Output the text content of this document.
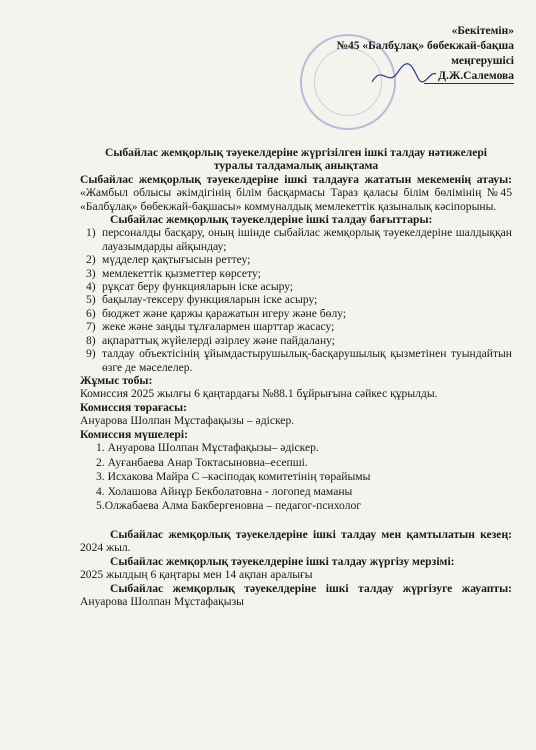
«Бекітемін»
№45 «Балбұлақ» бөбекжай-бақша
меңгерушісі
Д.Ж.Салемова
Сыбайлас жемқорлық тәуекелдеріне жүргізілген ішкі талдау нәтижелері
туралы талдамалық анықтама

Сыбайлас жемқорлық тәуекелдеріне ішкі талдауға жататын мекеменің атауы: «Жамбыл облысы әкімдігінің білім басқармасы Тараз қаласы білім бөлімінің №45 «Балбұлақ» бөбекжай-бақшасы» коммуналдық мемлекеттік қазыналық кәсіпорыны.

Сыбайлас жемқорлық тәуекелдеріне ішкі талдау бағыттары:

1) персоналды басқару, оның ішінде сыбайлас жемқорлық тәуекелдеріне шалдыққан лауазымдарды айқындау;
2) мүдделер қақтығысын реттеу;
3) мемлекеттік қызметтер көрсету;
4) рұқсат беру функцияларын іске асыру;
5) бақылау-тексеру функцияларын іске асыру;
6) бюджет және қаржы қаражатын игеру және бөлу;
7) жеке және заңды тұлғалармен шарттар жасасу;
8) ақпараттық жүйелерді әзірлеу және пайдалану;
9) талдау объектісінің ұйымдастырушылық-басқарушылық қызметінен туындайтын өзге де мәселелер.

Жұмыс тобы:

Комиссия 2025 жылғы 6 қаңтардағы №88.1 бұйрығына сәйкес құрылды.

Комиссия төрағасы:

Ануарова Шолпан Мұстафақызы – әдіскер.

Комиссия мүшелері:

1. Ануарова Шолпан Мұстафақызы– әдіскер.
2. Ауғанбаева Анар Токтасыновна–есепші.
3. Исхакова Майра С –кәсіподақ комитетінің төрайымы
4. Холашова Айнұр Бекболатовна - логопед маманы
5.Олжабаева Алма Бакбергеновна – педагог-психолог

Сыбайлас жемқорлық тәуекелдеріне ішкі талдау мен қамтылатын кезең: 2024 жыл.

Сыбайлас жемқорлық тәуекелдеріне ішкі талдау жүргізу мерзімі:

2025 жылдың 6 қаңтары мен 14 ақпан аралығы

Сыбайлас жемқорлық тәуекелдеріне ішкі талдау жүргізуге жауапты: Ануарова Шолпан Мұстафақызы
